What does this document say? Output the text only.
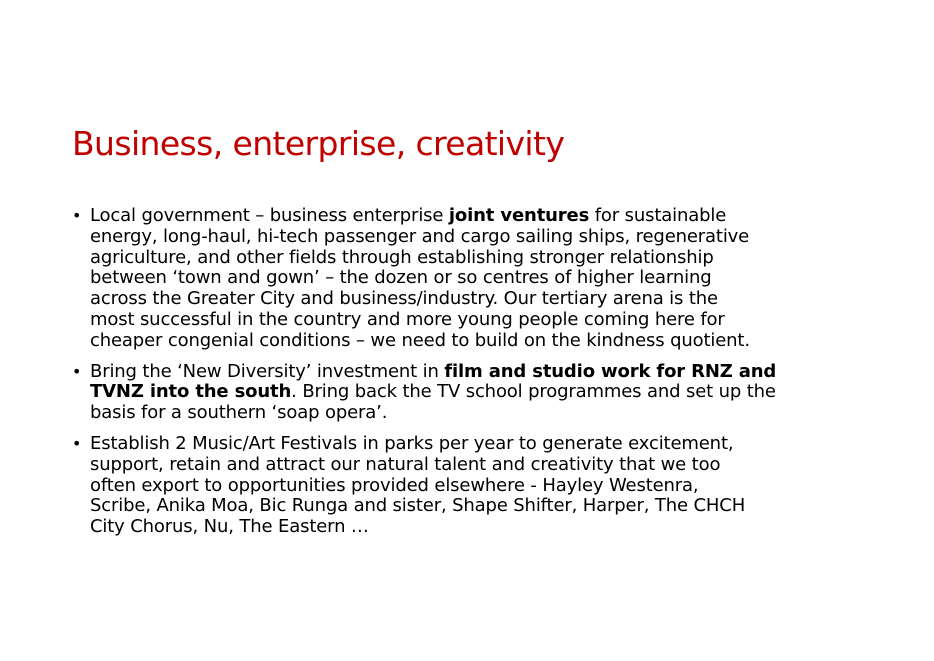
Business, enterprise, creativity
• Local government – business enterprise joint ventures for sustainable
energy, long-haul, hi-tech passenger and cargo sailing ships, regenerative
agriculture, and other fields through establishing stronger relationship
between ‘town and gown’ – the dozen or so centres of higher learning
across the Greater City and business/industry. Our tertiary arena is the
most successful in the country and more young people coming here for
cheaper congenial conditions – we need to build on the kindness quotient.
• Bring the ‘New Diversity’ investment in film and studio work for RNZ and
TVNZ into the south. Bring back the TV school programmes and set up the
basis for a southern ‘soap opera’.
• Establish 2 Music/Art Festivals in parks per year to generate excitement,
support, retain and attract our natural talent and creativity that we too
often export to opportunities provided elsewhere - Hayley Westenra,
Scribe, Anika Moa, Bic Runga and sister, Shape Shifter, Harper, The CHCH
City Chorus, Nu, The Eastern …
